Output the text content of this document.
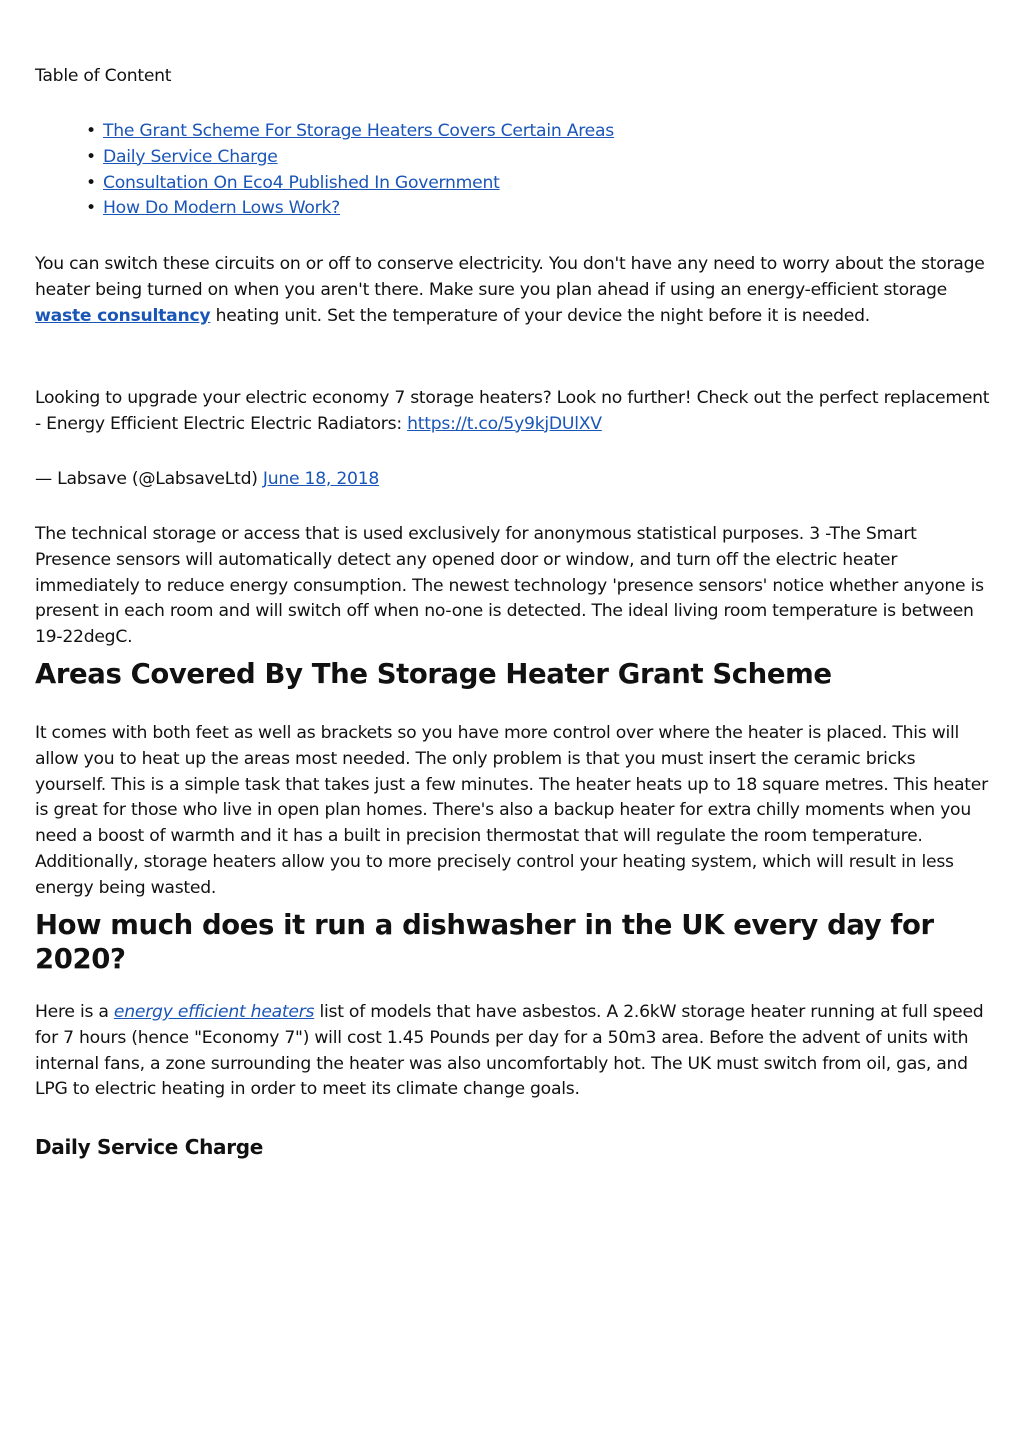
Table of Content

• The Grant Scheme For Storage Heaters Covers Certain Areas
• Daily Service Charge
• Consultation On Eco4 Published In Government
• How Do Modern Lows Work?

You can switch these circuits on or off to conserve electricity. You don't have any need to worry about the storage heater being turned on when you aren't there. Make sure you plan ahead if using an energy-efficient storage waste consultancy heating unit. Set the temperature of your device the night before it is needed.

Looking to upgrade your electric economy 7 storage heaters? Look no further! Check out the perfect replacement - Energy Efficient Electric Electric Radiators: https://t.co/5y9kjDUlXV

— Labsave (@LabsaveLtd) June 18, 2018

The technical storage or access that is used exclusively for anonymous statistical purposes. 3 -The Smart Presence sensors will automatically detect any opened door or window, and turn off the electric heater immediately to reduce energy consumption. The newest technology 'presence sensors' notice whether anyone is present in each room and will switch off when no-one is detected. The ideal living room temperature is between 19-22degC.

Areas Covered By The Storage Heater Grant Scheme

It comes with both feet as well as brackets so you have more control over where the heater is placed. This will allow you to heat up the areas most needed. The only problem is that you must insert the ceramic bricks yourself. This is a simple task that takes just a few minutes. The heater heats up to 18 square metres. This heater is great for those who live in open plan homes. There's also a backup heater for extra chilly moments when you need a boost of warmth and it has a built in precision thermostat that will regulate the room temperature. Additionally, storage heaters allow you to more precisely control your heating system, which will result in less energy being wasted.

How much does it run a dishwasher in the UK every day for 2020?

Here is a energy efficient heaters list of models that have asbestos. A 2.6kW storage heater running at full speed for 7 hours (hence "Economy 7") will cost 1.45 Pounds per day for a 50m3 area. Before the advent of units with internal fans, a zone surrounding the heater was also uncomfortably hot. The UK must switch from oil, gas, and LPG to electric heating in order to meet its climate change goals.

Daily Service Charge
